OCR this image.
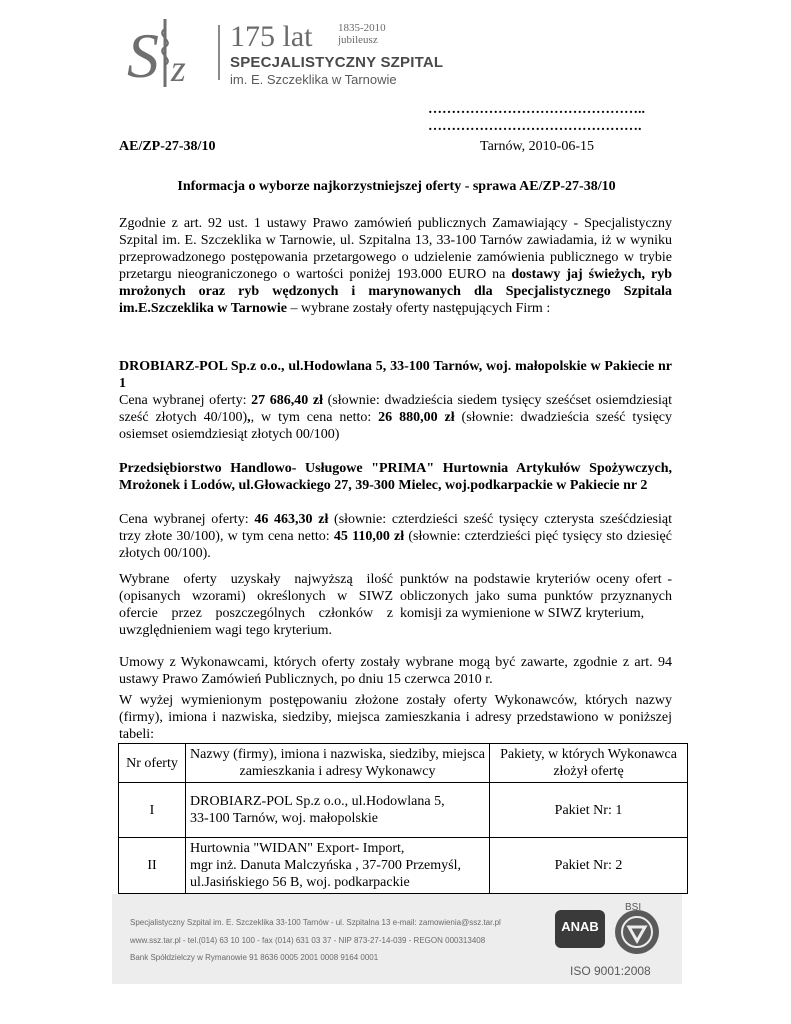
S z
175 lat 1835-2010
jubileusz
SPECJALISTYCZNY SZPITAL
im. E. Szczeklika w Tarnowie
………………………………………..
……………………………………….
AE/ZP-27-38/10	Tarnów, 2010-06-15
Informacja o wyborze najkorzystniejszej oferty - sprawa AE/ZP-27-38/10
Zgodnie z art. 92 ust. 1 ustawy Prawo zamówień publicznych Zamawiający - Specjalistyczny Szpital im. E. Szczeklika w Tarnowie, ul. Szpitalna 13, 33-100 Tarnów zawiadamia, iż w wyniku przeprowadzonego postępowania przetargowego o udzielenie zamówienia publicznego w trybie przetargu nieograniczonego o wartości poniżej 193.000 EURO na dostawy jaj świeżych, ryb mrożonych oraz ryb wędzonych i marynowanych dla Specjalistycznego Szpitala im.E.Szczeklika w Tarnowie – wybrane zostały oferty następujących Firm :
DROBIARZ-POL Sp.z o.o., ul.Hodowlana 5, 33-100 Tarnów, woj. małopolskie w Pakiecie nr 1
Cena wybranej oferty: 27 686,40 zł (słownie: dwadzieścia siedem tysięcy sześćset osiemdziesiąt sześć złotych 40/100),, w tym cena netto: 26 880,00 zł (słownie: dwadzieścia sześć tysięcy osiemset osiemdziesiąt złotych 00/100)
Przedsiębiorstwo Handlowo- Usługowe "PRIMA" Hurtownia Artykułów Spożywczych, Mrożonek i Lodów, ul.Głowackiego 27, 39-300 Mielec, woj.podkarpackie w Pakiecie nr 2
Cena wybranej oferty: 46 463,30 zł (słownie: czterdzieści sześć tysięcy czterysta sześćdziesiąt trzy złote 30/100), w tym cena netto: 45 110,00 zł (słownie: czterdzieści pięć tysięcy sto dziesięć złotych 00/100).
Wybrane oferty uzyskały najwyższą ilość (opisanych wzorami) określonych w SIWZ ofercie przez poszczególnych członków z uwzględnieniem wagi tego kryterium.
punktów na podstawie kryteriów oceny ofert - obliczonych jako suma punktów przyznanych komisji za wymienione w SIWZ kryterium,
Umowy z Wykonawcami, których oferty zostały wybrane mogą być zawarte, zgodnie z art. 94 ustawy Prawo Zamówień Publicznych, po dniu 15 czerwca 2010 r.
W wyżej wymienionym postępowaniu złożone zostały oferty Wykonawców, których nazwy (firmy), imiona i nazwiska, siedziby, miejsca zamieszkania i adresy przedstawiono w poniższej tabeli:
Nr oferty	Nazwy (firmy), imiona i nazwiska, siedziby, miejsca zamieszkania i adresy Wykonawcy	Pakiety, w których Wykonawca złożył ofertę
I	DROBIARZ-POL Sp.z o.o., ul.Hodowlana 5,
33-100 Tarnów, woj. małopolskie	Pakiet Nr: 1
II	Hurtownia "WIDAN" Export- Import,
mgr inż. Danuta Malczyńska , 37-700 Przemyśl,
ul.Jasińskiego 56 B, woj. podkarpackie	Pakiet Nr: 2
Specjalistyczny Szpital im. E. Szczeklika 33-100 Tarnów - ul. Szpitalna 13 e-mail: zamowienia@ssz.tar.pl
www.ssz.tar.pl - tel.(014) 63 10 100 - fax (014) 631 03 37 - NIP 873-27-14-039 - REGON 000313408
Bank Spółdzielczy w Rymanowie 91 8636 0005 2001 0008 9164 0001
ANAB
BSI
ISO 9001:2008
